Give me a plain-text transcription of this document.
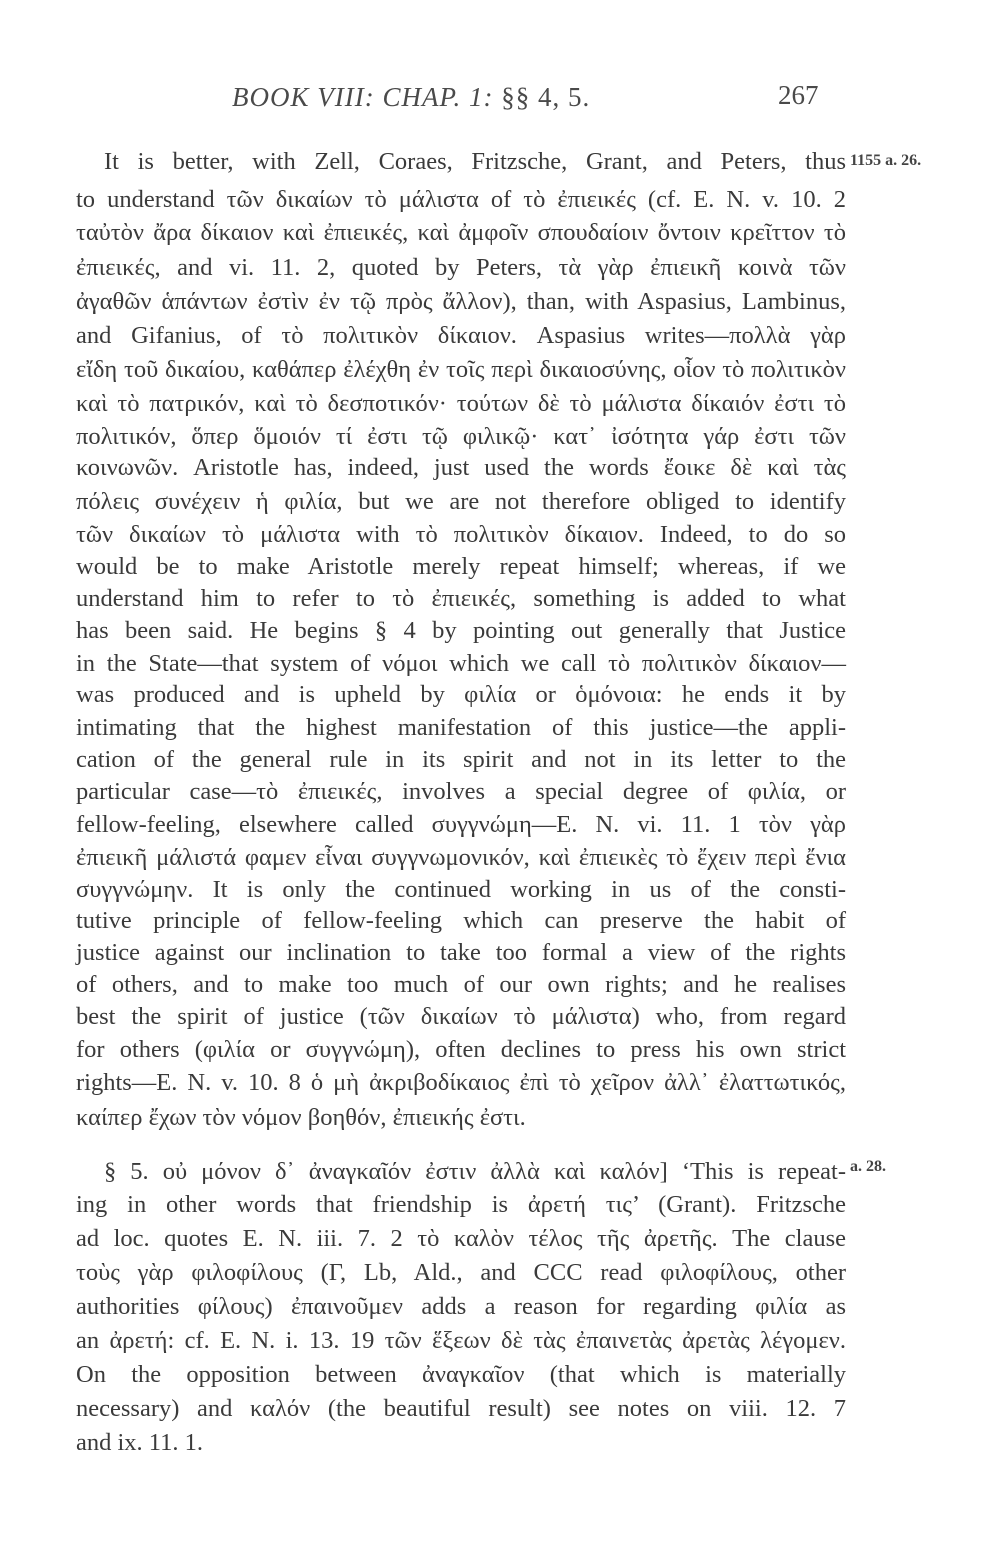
BOOK VIII: CHAP. 1: §§ 4, 5.	267
1155 a. 26.
a. 28.
It is better, with Zell, Coraes, Fritzsche, Grant, and Peters, thus
to understand τῶν δικαίων τὸ μάλιστα of τὸ ἐπιεικές (cf. E. N. v. 10. 2
ταὐτὸν ἄρα δίκαιον καὶ ἐπιεικές, καὶ ἀμφοῖν σπουδαίοιν ὄντοιν κρεῖττον τὸ
ἐπιεικές, and vi. 11. 2, quoted by Peters, τὰ γὰρ ἐπιεικῆ κοινὰ τῶν
ἀγαθῶν ἁπάντων ἐστὶν ἐν τῷ πρὸς ἄλλον), than, with Aspasius, Lambinus,
and Gifanius, of τὸ πολιτικὸν δίκαιον. Aspasius writes—πολλὰ γὰρ
εἴδη τοῦ δικαίου, καθάπερ ἐλέχθη ἐν τοῖς περὶ δικαιοσύνης, οἷον τὸ πολιτικὸν
καὶ τὸ πατρικόν, καὶ τὸ δεσποτικόν· τούτων δὲ τὸ μάλιστα δίκαιόν ἐστι τὸ
πολιτικόν, ὅπερ ὅμοιόν τί ἐστι τῷ φιλικῷ· κατ᾽ ἰσότητα γάρ ἐστι τῶν
κοινωνῶν. Aristotle has, indeed, just used the words ἔοικε δὲ καὶ τὰς
πόλεις συνέχειν ἡ φιλία, but we are not therefore obliged to identify
τῶν δικαίων τὸ μάλιστα with τὸ πολιτικὸν δίκαιον. Indeed, to do so
would be to make Aristotle merely repeat himself; whereas, if we
understand him to refer to τὸ ἐπιεικές, something is added to what
has been said. He begins § 4 by pointing out generally that Justice
in the State—that system of νόμοι which we call τὸ πολιτικὸν δίκαιον—
was produced and is upheld by φιλία or ὁμόνοια: he ends it by
intimating that the highest manifestation of this justice—the appli-
cation of the general rule in its spirit and not in its letter to the
particular case—τὸ ἐπιεικές, involves a special degree of φιλία, or
fellow-feeling, elsewhere called συγγνώμη—E. N. vi. 11. 1 τὸν γὰρ
ἐπιεικῆ μάλιστά φαμεν εἶναι συγγνωμονικόν, καὶ ἐπιεικὲς τὸ ἔχειν περὶ ἔνια
συγγνώμην. It is only the continued working in us of the consti-
tutive principle of fellow-feeling which can preserve the habit of
justice against our inclination to take too formal a view of the rights
of others, and to make too much of our own rights; and he realises
best the spirit of justice (τῶν δικαίων τὸ μάλιστα) who, from regard
for others (φιλία or συγγνώμη), often declines to press his own strict
rights—E. N. v. 10. 8 ὁ μὴ ἀκριβοδίκαιος ἐπὶ τὸ χεῖρον ἀλλ᾽ ἐλαττωτικός,
καίπερ ἔχων τὸν νόμον βοηθόν, ἐπιεικής ἐστι.
§ 5. οὐ μόνον δ᾽ ἀναγκαῖόν ἐστιν ἀλλὰ καὶ καλόν] ‘This is repeat-
ing in other words that friendship is ἀρετή τις’ (Grant). Fritzsche
ad loc. quotes E. N. iii. 7. 2 τὸ καλὸν τέλος τῆς ἀρετῆς. The clause
τοὺς γὰρ φιλοφίλους (Γ, Lb, Ald., and CCC read φιλοφίλους, other
authorities φίλους) ἐπαινοῦμεν adds a reason for regarding φιλία as
an ἀρετή: cf. E. N. i. 13. 19 τῶν ἕξεων δὲ τὰς ἐπαινετὰς ἀρετὰς λέγομεν.
On the opposition between ἀναγκαῖον (that which is materially
necessary) and καλόν (the beautiful result) see notes on viii. 12. 7
and ix. 11. 1.
